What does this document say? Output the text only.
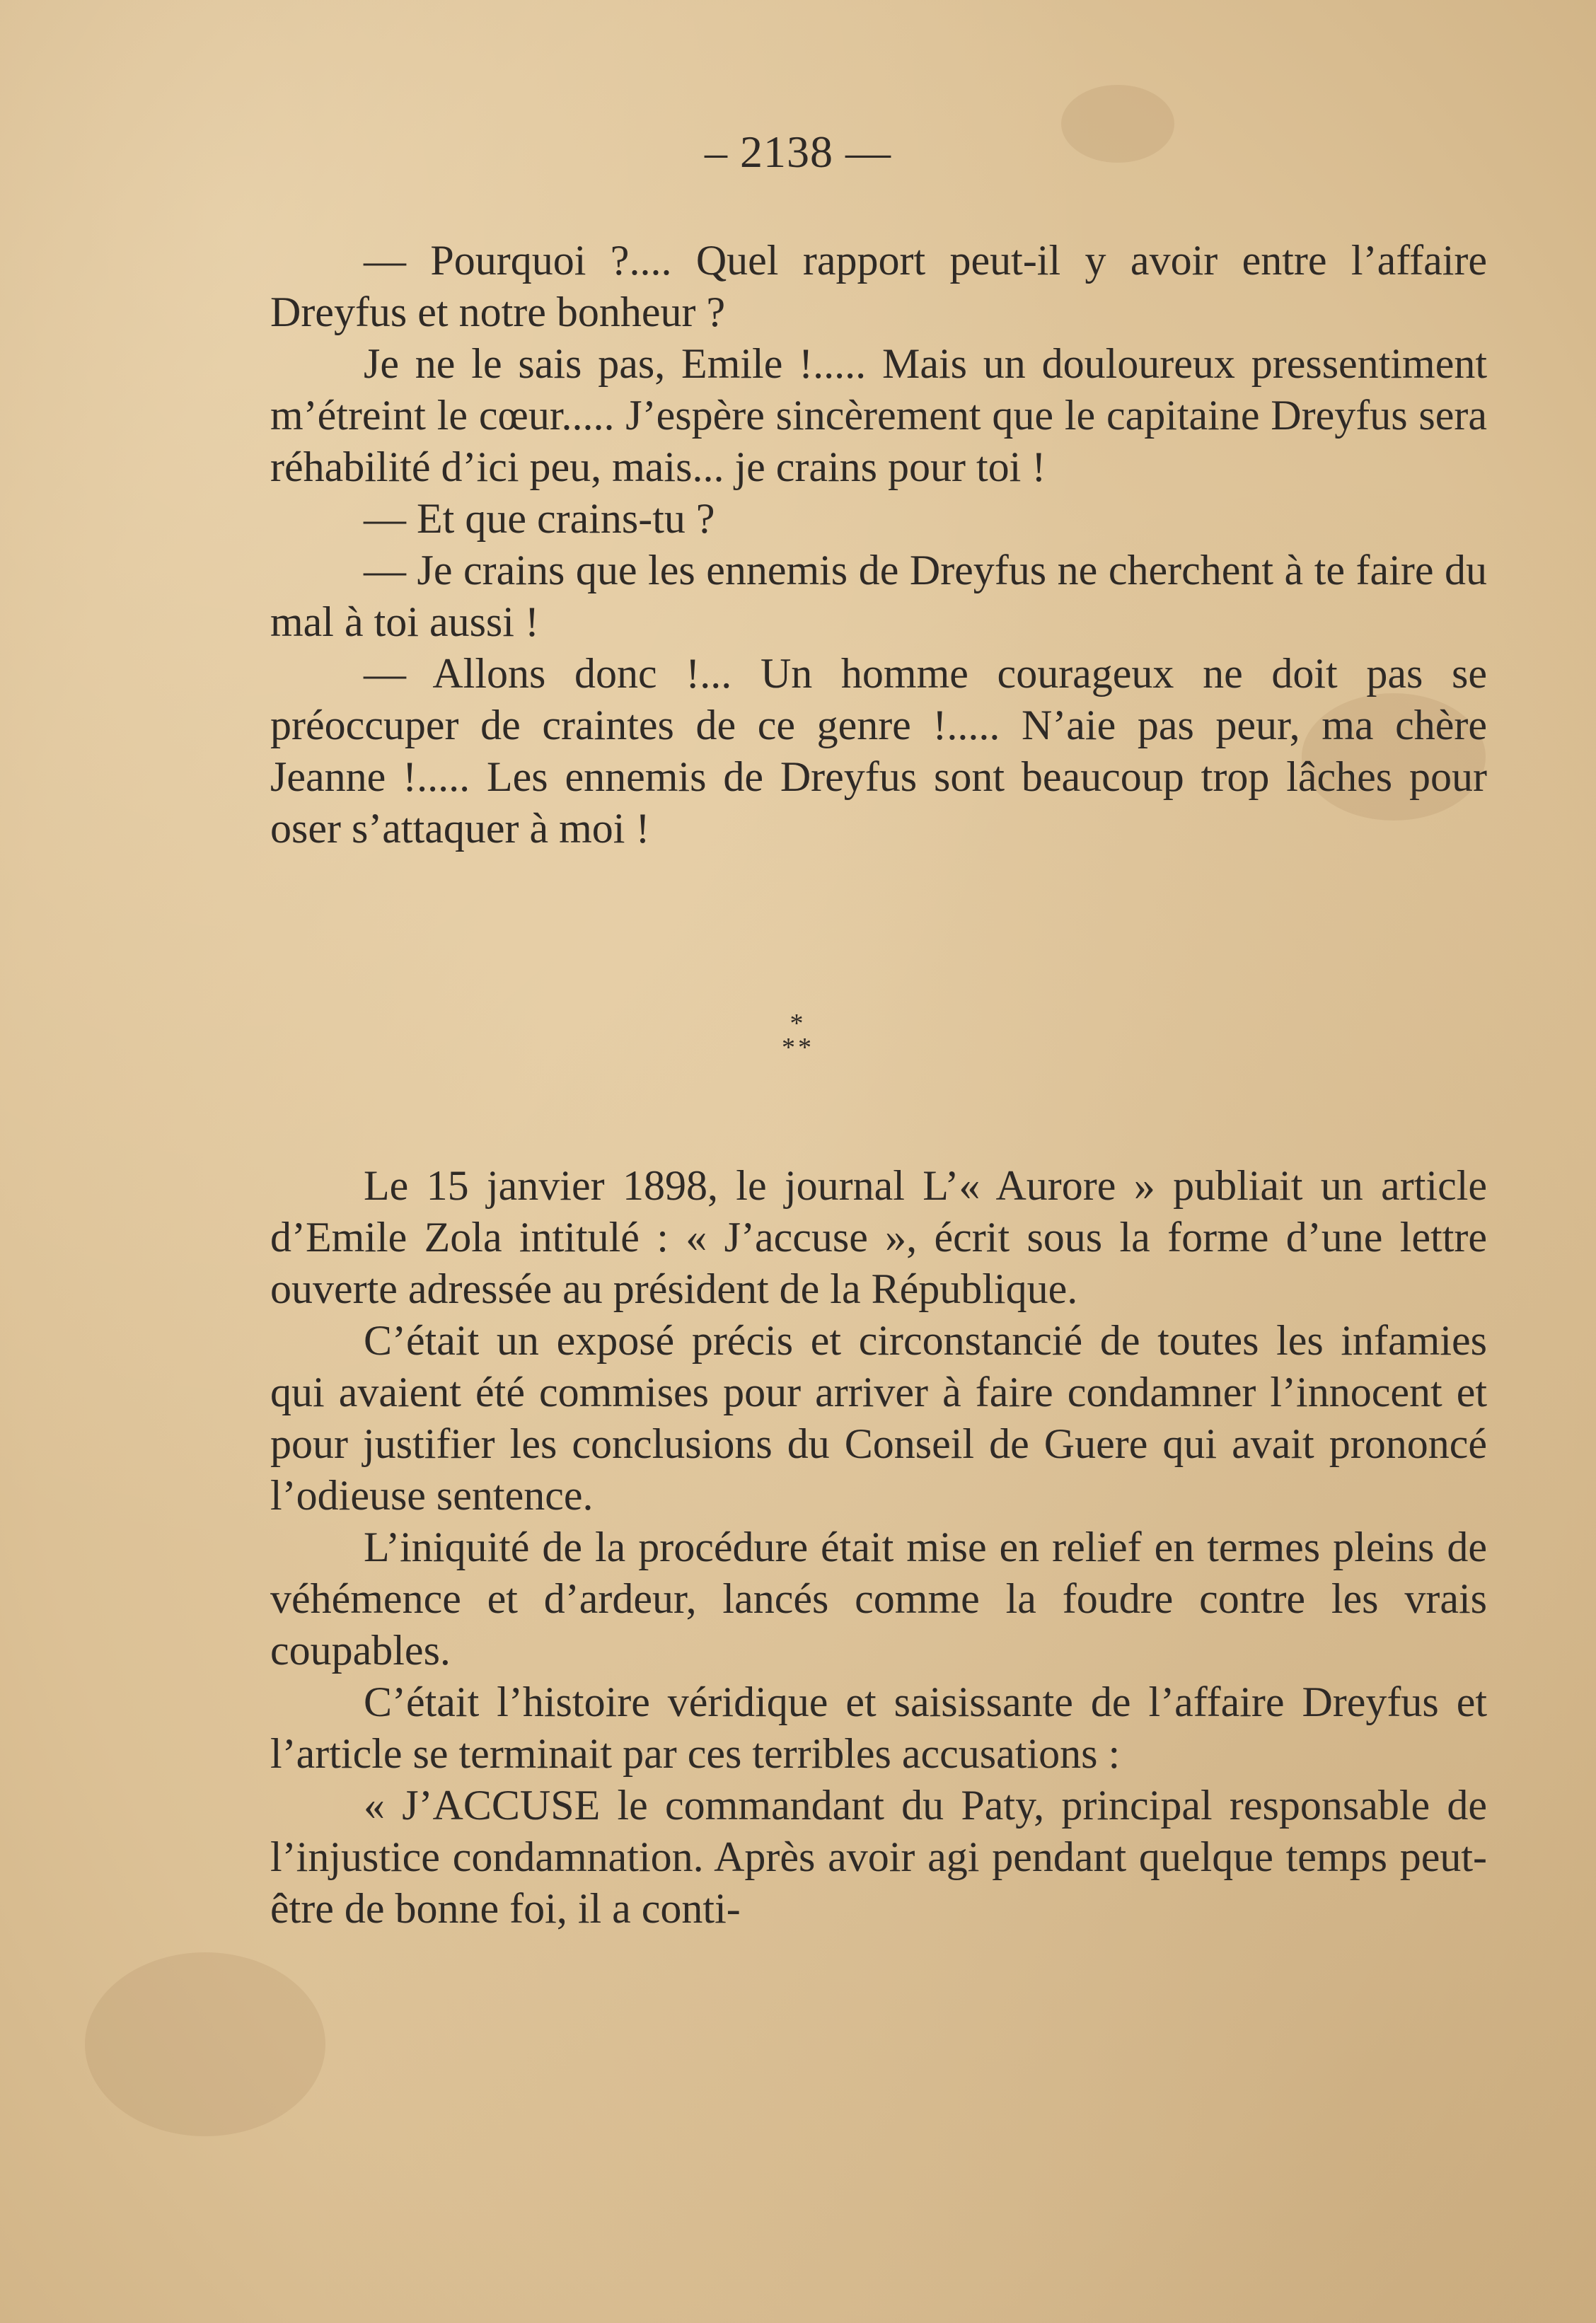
– 2138 —

— Pourquoi ?.... Quel rapport peut-il y avoir entre l’affaire Dreyfus et notre bonheur ?

Je ne le sais pas, Emile !..... Mais un douloureux pressentiment m’étreint le cœur..... J’espère sincèrement que le capitaine Dreyfus sera réhabilité d’ici peu, mais... je crains pour toi !

— Et que crains-tu ?

— Je crains que les ennemis de Dreyfus ne cherchent à te faire du mal à toi aussi !

— Allons donc !... Un homme courageux ne doit pas se préoccuper de craintes de ce genre !..... N’aie pas peur, ma chère Jeanne !..... Les ennemis de Dreyfus sont beaucoup trop lâches pour oser s’attaquer à moi !

*
**

Le 15 janvier 1898, le journal L’« Aurore » publiait un article d’Emile Zola intitulé : « J’accuse », écrit sous la forme d’une lettre ouverte adressée au président de la République.

C’était un exposé précis et circonstancié de toutes les infamies qui avaient été commises pour arriver à faire condamner l’innocent et pour justifier les conclusions du Conseil de Guere qui avait prononcé l’odieuse sentence.

L’iniquité de la procédure était mise en relief en termes pleins de véhémence et d’ardeur, lancés comme la foudre contre les vrais coupables.

C’était l’histoire véridique et saisissante de l’affaire Dreyfus et l’article se terminait par ces terribles accusations :

« J’ACCUSE le commandant du Paty, principal responsable de l’injustice condamnation. Après avoir agi pendant quelque temps peut-être de bonne foi, il a conti-
